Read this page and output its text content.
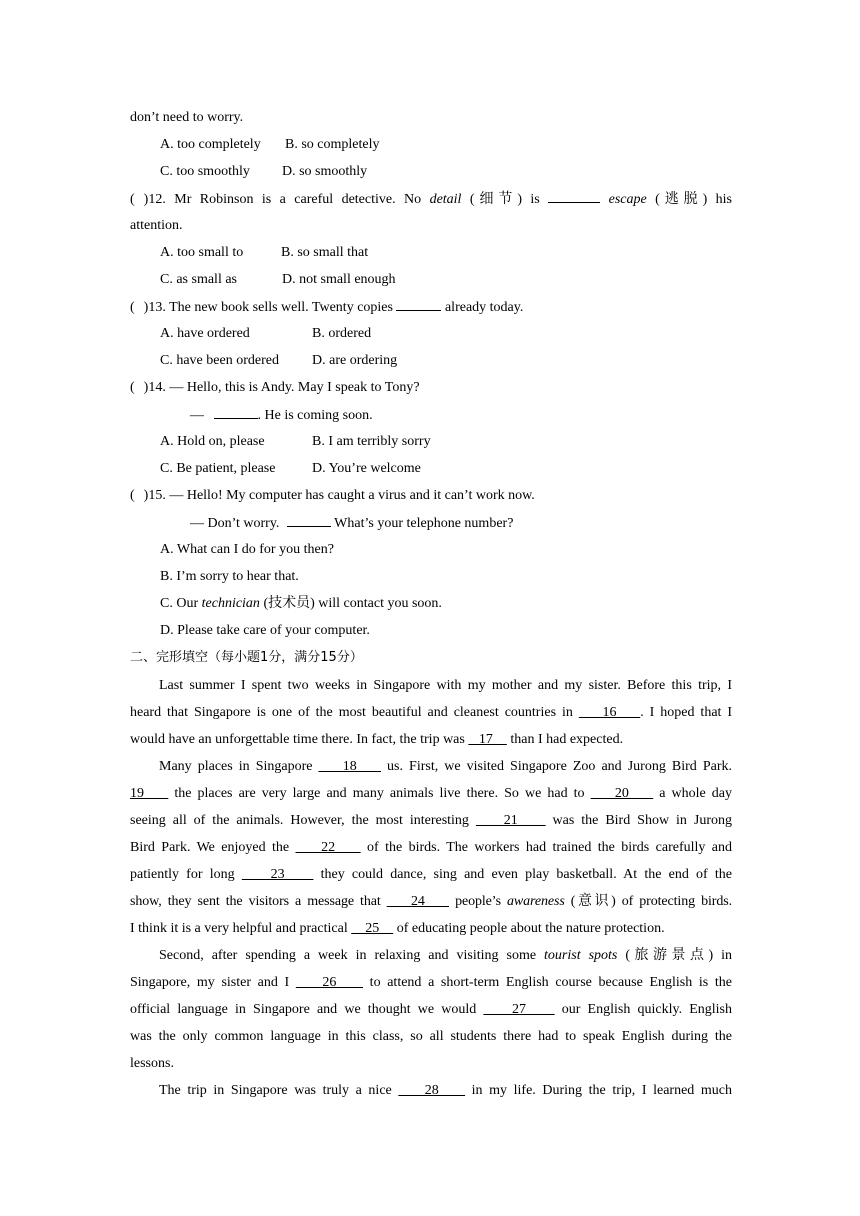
don’t need to worry.
A. too completely B. so completely
C. too smoothly D. so smoothly
( )12. Mr Robinson is a careful detective. No detail (细节) is	escape (逃脱) his
attention.
A. too small to	B. so small that
C. as small as	D. not small enough
( )13. The new book sells well. Twenty copies	already today.
A. have ordered	B. ordered
C. have been ordered D. are ordering
( )14. — Hello, this is Andy. May I speak to Tony?
—	. He is coming soon.
A. Hold on, please	B. I am terribly sorry
C. Be patient, please	D. You’re welcome
( )15. — Hello! My computer has caught a virus and it can’t work now.
— Don’t worry.	What’s your telephone number?
A. What can I do for you then?
B. I’m sorry to hear that.
C. Our technician (技术员) will contact you soon.
D. Please take care of your computer.
二、完形填空（每小题1分，满分15分）
Last summer I spent two weeks in Singapore with my mother and my sister. Before this trip, I
heard that Singapore is one of the most beautiful and cleanest countries in     16    . I hoped that I
would have an unforgettable time there. In fact, the trip was    17     than I had expected.
Many places in Singapore     18     us. First, we visited Singapore Zoo and Jurong Bird Park.
19     the places are very large and many animals live there. So we had to     20     a whole day
seeing all of the animals. However, the most interesting     21     was the Bird Show in Jurong
Bird Park. We enjoyed the     22     of the birds. The workers had trained the birds carefully and
patiently for long     23     they could dance, sing and even play basketball. At the end of the
show, they sent the visitors a message that     24     people’s awareness (意识) of protecting birds.
I think it is a very helpful and practical     25     of educating people about the nature protection.
Second, after spending a week in relaxing and visiting some tourist spots (旅游景点) in
Singapore, my sister and I     26     to attend a short-term English course because English is the
official language in Singapore and we thought we would     27     our English quickly. English
was the only common language in this class, so all students there had to speak English during the
lessons.
The trip in Singapore was truly a nice     28     in my life. During the trip, I learned much
